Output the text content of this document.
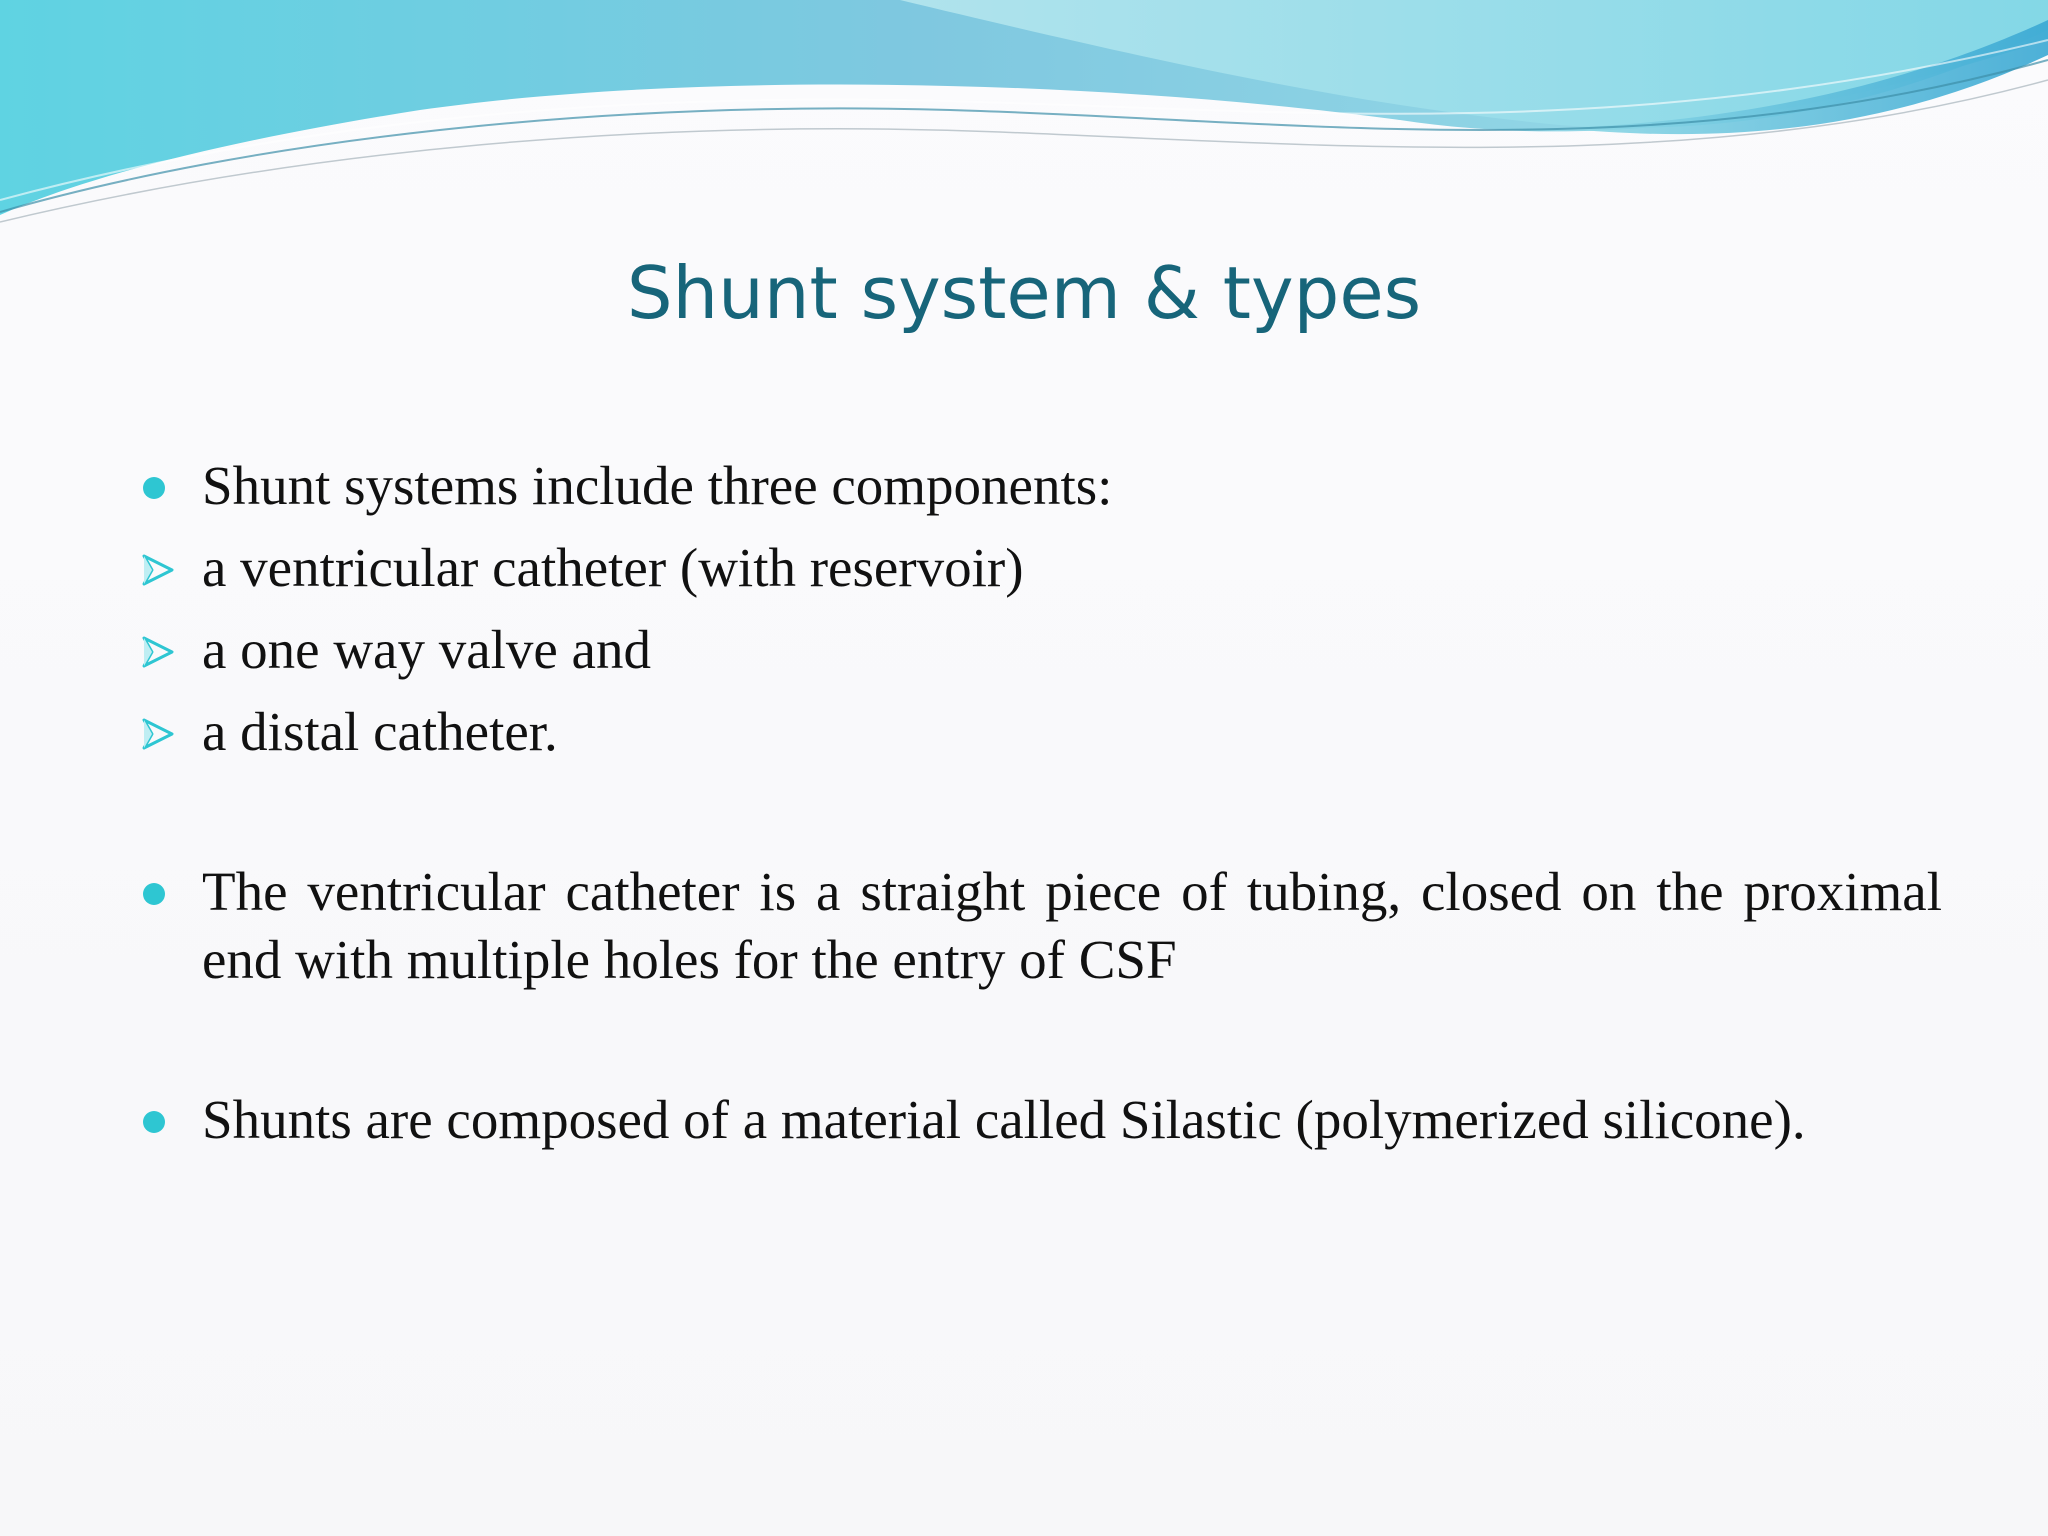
Shunt system & types
Shunt systems include three components:
a ventricular catheter (with reservoir)
a one way valve and
a distal catheter.
The ventricular catheter is a straight piece of tubing, closed on the proximal end with multiple holes for the entry of CSF
Shunts are composed of a material called Silastic (polymerized silicone).
